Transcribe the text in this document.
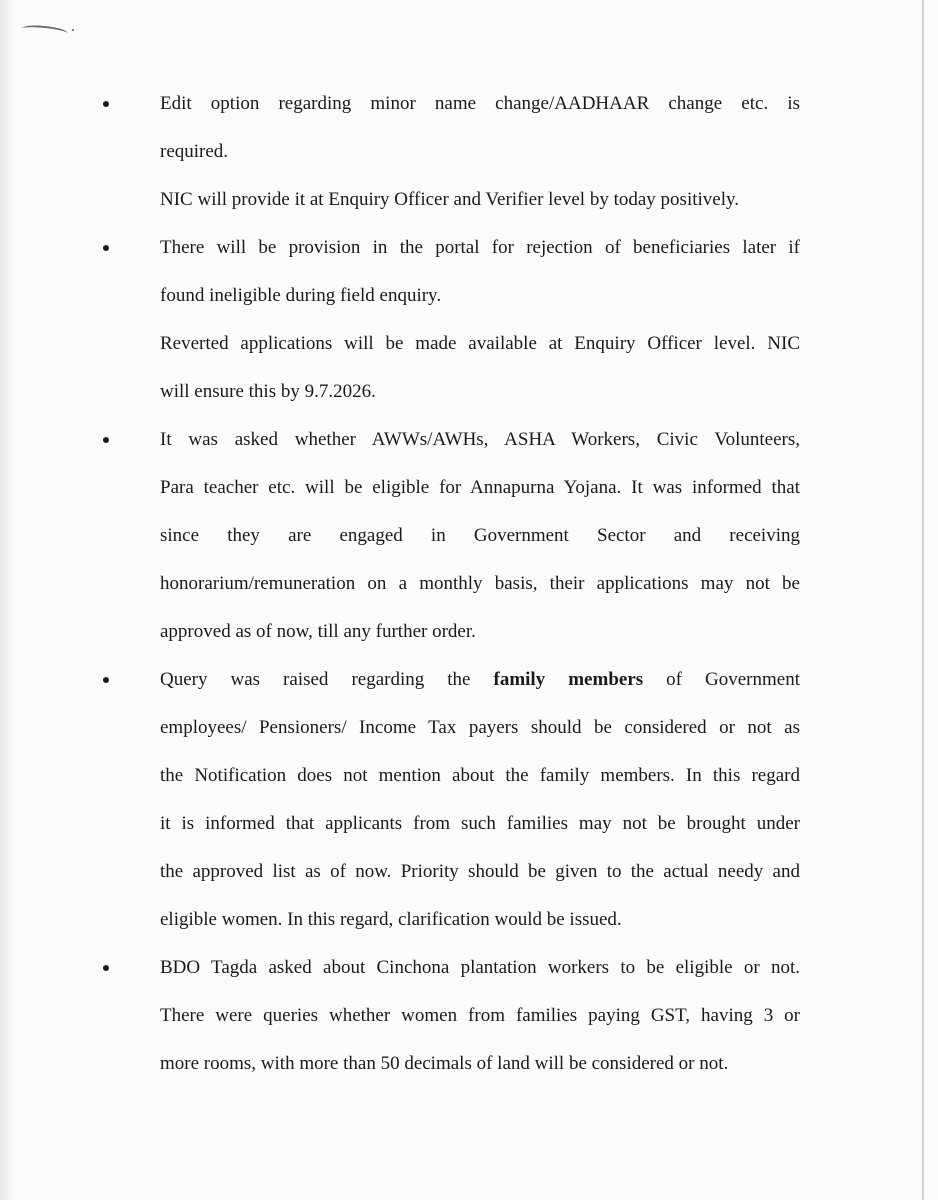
Edit option regarding minor name change/AADHAAR change etc. is
required.
NIC will provide it at Enquiry Officer and Verifier level by today positively.
There will be provision in the portal for rejection of beneficiaries later if
found ineligible during field enquiry.
Reverted applications will be made available at Enquiry Officer level. NIC
will ensure this by 9.7.2026.
It was asked whether AWWs/AWHs, ASHA Workers, Civic Volunteers,
Para teacher etc. will be eligible for Annapurna Yojana. It was informed that
since they are engaged in Government Sector and receiving
honorarium/remuneration on a monthly basis, their applications may not be
approved as of now, till any further order.
Query was raised regarding the family members of Government
employees/ Pensioners/ Income Tax payers should be considered or not as
the Notification does not mention about the family members. In this regard
it is informed that applicants from such families may not be brought under
the approved list as of now. Priority should be given to the actual needy and
eligible women. In this regard, clarification would be issued.
BDO Tagda asked about Cinchona plantation workers to be eligible or not.
There were queries whether women from families paying GST, having 3 or
more rooms, with more than 50 decimals of land will be considered or not.
